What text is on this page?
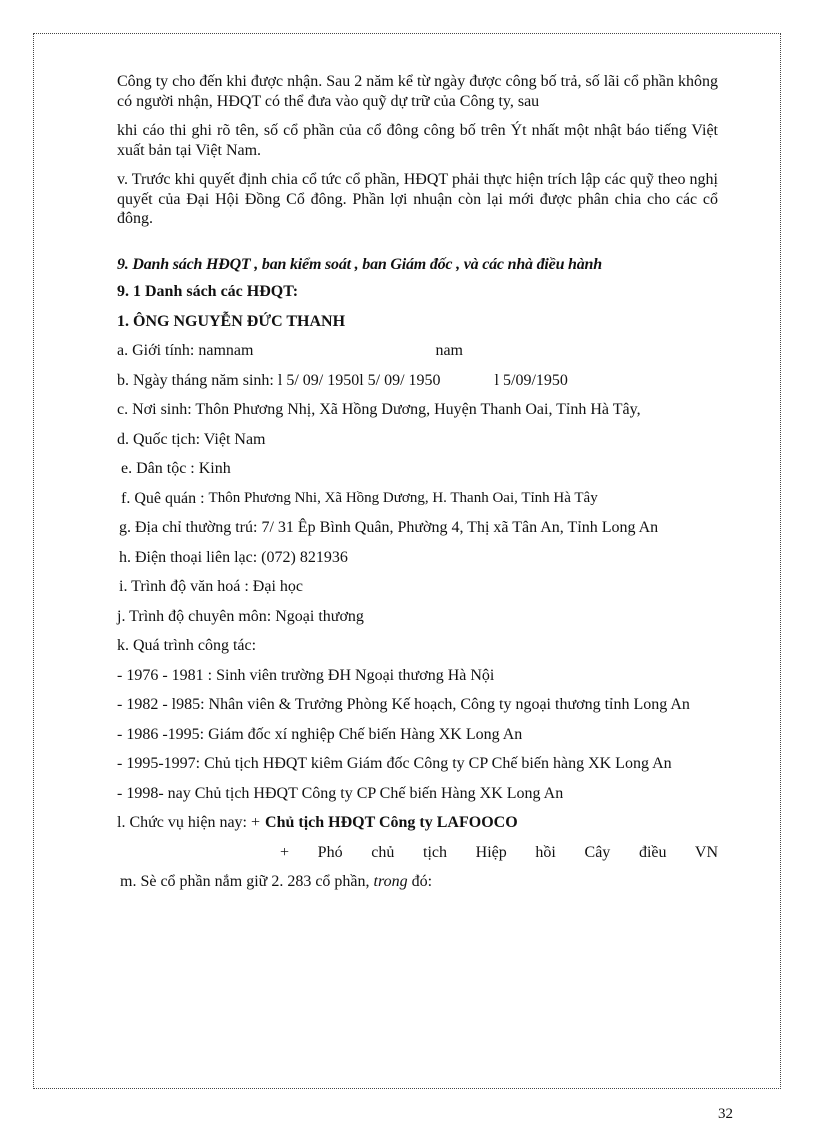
Công ty cho đến khi được nhận. Sau 2 năm kể từ ngày được công bố trả, số lãi cổ phần không có người nhận, HĐQT có thể đưa vào quỹ dự trữ của Công ty, sau

khi cáo thi ghi rõ tên, số cổ phần của cổ đông công bố trên Ýt nhất một nhật báo tiếng Việt xuất bản tại Việt Nam.

v. Trước khi quyết định chia cổ tức cổ phần, HĐQT phải thực hiện trích lập các quỹ theo nghị quyết của Đại Hội Đồng Cổ đông. Phần lợi nhuận còn lại mới được phân chia cho các cổ đông.

9. Danh sách HĐQT , ban kiểm soát , ban Giám đốc , và các nhà điều hành

9. 1 Danh sách các HĐQT:

1. ÔNG NGUYỄN ĐỨC THANH

a. Giới tính: namnam	nam
b. Ngày tháng năm sinh: l 5/ 09/ 1950l 5/ 09/ 1950	l 5/09/1950

c. Nơi sinh: Thôn Phương Nhị, Xã Hồng Dương, Huyện Thanh Oai, Tỉnh Hà Tây,

d. Quốc tịch: Việt Nam

e. Dân tộc : Kinh

f. Quê quán : Thôn Phương Nhi, Xã Hồng Dương, H. Thanh Oai, Tỉnh Hà Tây

g. Địa chỉ thường trú: 7/ 31 Êp Bình Quân, Phường 4, Thị xã Tân An, Tỉnh Long An

h. Điện thoại liên lạc: (072) 821936

i. Trình độ văn hoá : Đại học

j. Trình độ chuyên môn: Ngoại thương

k. Quá trình công tác:

- 1976 - 1981 : Sinh viên trường ĐH Ngoại thương Hà Nội

- 1982 - l985: Nhân viên & Trưởng Phòng Kế hoạch, Công ty ngoại thương tỉnh Long An

- 1986 -1995: Giám đốc xí nghiệp Chế biến Hàng XK Long An

- 1995-1997: Chủ tịch HĐQT kiêm Giám đốc Công ty CP Chế biến hàng XK Long An

- 1998- nay Chủ tịch HĐQT Công ty CP Chế biến Hàng XK Long An

l. Chức vụ hiện nay: + Chủ tịch HĐQT Công ty LAFOOCO

+ Phó chủ tịch Hiệp hồi Cây điều VN

m. Sè cổ phần nắm giữ 2. 283 cổ phần, trong đó:
32
